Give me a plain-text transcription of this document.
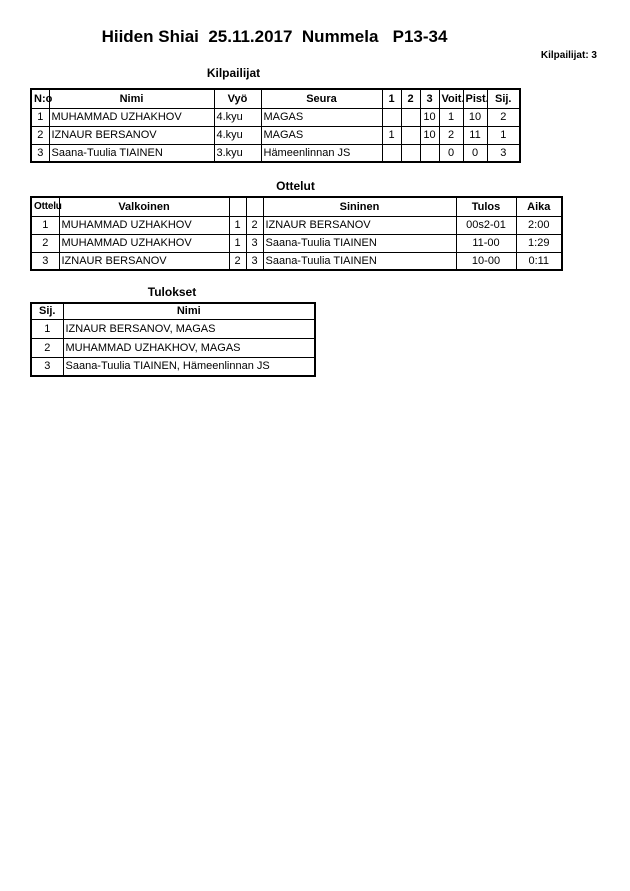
Hiiden Shiai  25.11.2017  Nummela   P13-34
Kilpailijat: 3
Kilpailijat
N:o	Nimi	Vyö	Seura	1	2	3	Voit.	Pist.	Sij.
1	MUHAMMAD UZHAKHOV	4.kyu	MAGAS			10	1	10	2
2	IZNAUR BERSANOV	4.kyu	MAGAS	1		10	2	11	1
3	Saana-Tuulia TIAINEN	3.kyu	Hämeenlinnan JS				0	0	3
Ottelut
Ottelu	Valkoinen			Sininen	Tulos	Aika
1	MUHAMMAD UZHAKHOV	1	2	IZNAUR BERSANOV	00s2-01	2:00
2	MUHAMMAD UZHAKHOV	1	3	Saana-Tuulia TIAINEN	11-00	1:29
3	IZNAUR BERSANOV	2	3	Saana-Tuulia TIAINEN	10-00	0:11
Tulokset
Sij.	Nimi
1	IZNAUR BERSANOV, MAGAS
2	MUHAMMAD UZHAKHOV, MAGAS
3	Saana-Tuulia TIAINEN, Hämeenlinnan JS
